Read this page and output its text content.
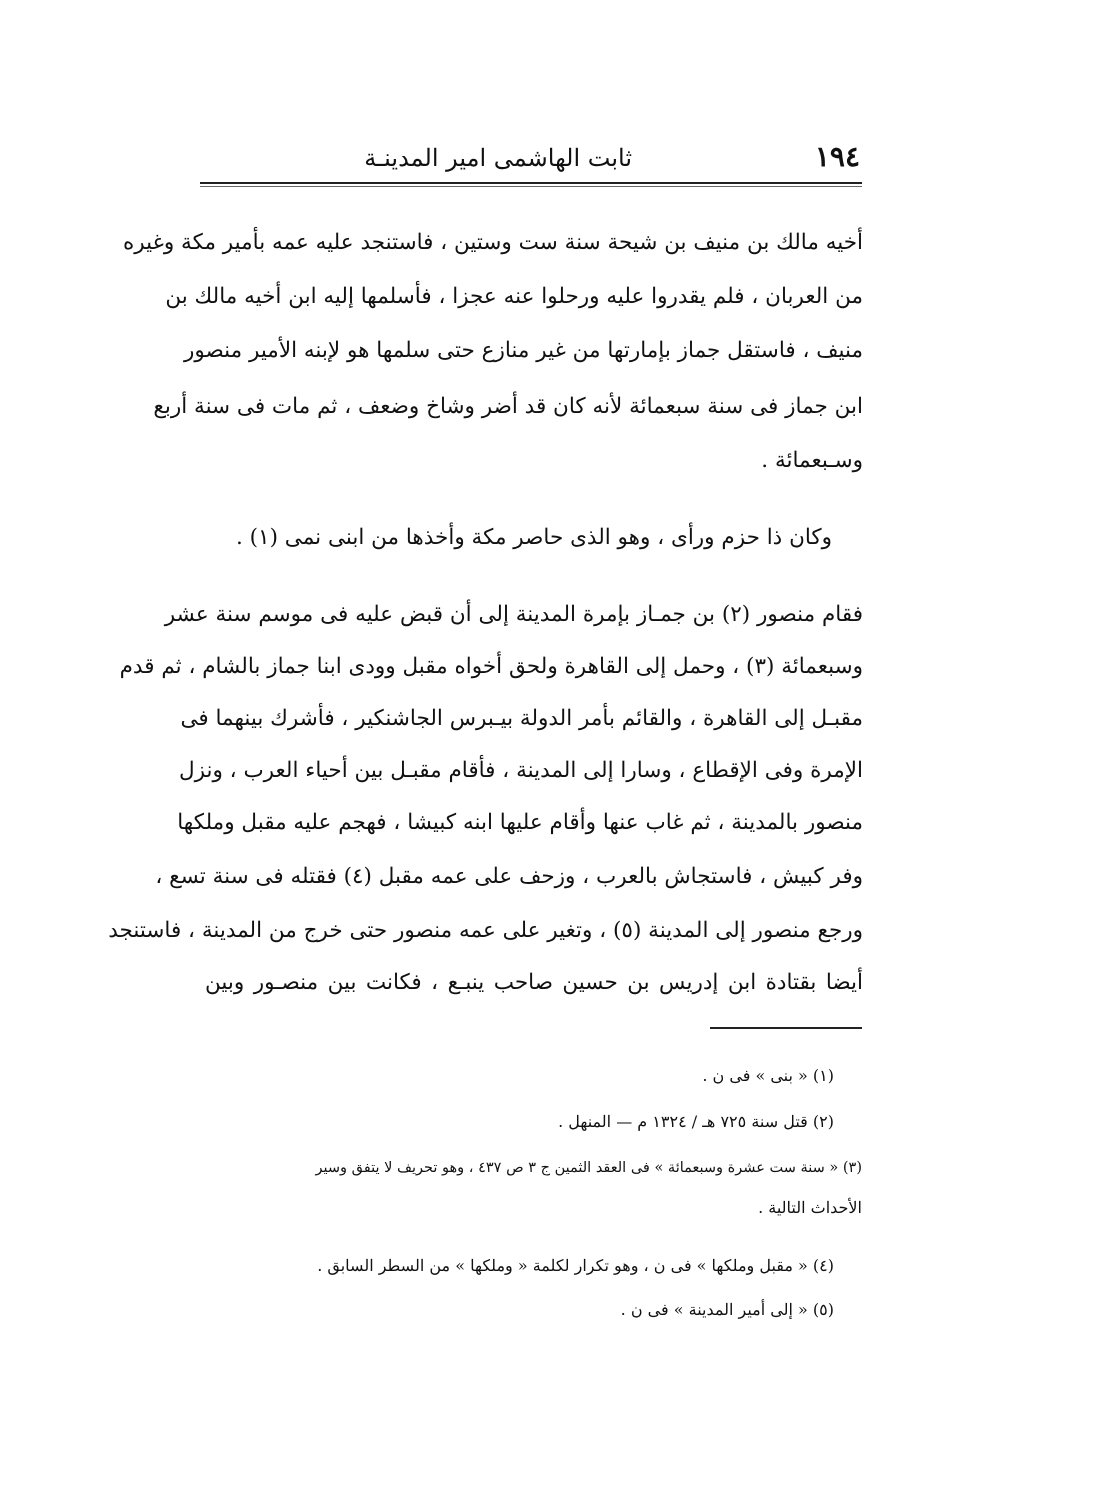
١٩٤
ثابت الهاشمى امير المدينـة
أخيه مالك بن منيف بن شيحة سنة ست وستين ، فاستنجد عليه عمه بأمير مكة وغيره
من العربان ، فلم يقدروا عليه ورحلوا عنه عجزا ، فأسلمها إليه ابن أخيه مالك بن
منيف ، فاستقل جماز بإمارتها من غير منازع حتى سلمها هو لإبنه الأمير منصور
ابن جماز فى سنة سبعمائة لأنه كان قد أضر وشاخ وضعف ، ثم مات فى سنة أربع
وسـبعمائة .
وكان ذا حزم ورأى ، وهو الذى حاصر مكة وأخذها من ابنى نمى (١) .
فقام منصور (٢) بن جمـاز بإمرة المدينة إلى أن قبض عليه فى موسم سنة عشر
وسبعمائة (٣) ، وحمل إلى القاهرة ولحق أخواه مقبل وودى ابنا جماز بالشام ، ثم قدم
مقبـل إلى القاهرة ، والقائم بأمر الدولة بيـبرس الجاشنكير ، فأشرك بينهما فى
الإمرة وفى الإقطاع ، وسارا إلى المدينة ، فأقام مقبـل بين أحياء العرب ، ونزل
منصور بالمدينة ، ثم غاب عنها وأقام عليها ابنه كبيشا ، فهجم عليه مقبل وملكها
وفر كبيش ، فاستجاش بالعرب ، وزحف على عمه مقبل (٤) فقتله فى سنة تسع ،
ورجع منصور إلى المدينة (٥) ، وتغير على عمه منصور حتى خرج من المدينة ، فاستنجد
أيضا بقتادة ابن إدريس بن حسين صاحب ينبـع ، فكانت بين منصـور وبين
(١) « بنى » فى ن .
(٢) قتل سنة ٧٢٥ هـ / ١٣٢٤ م — المنهل .
(٣) « سنة ست عشرة وسبعمائة » فى العقد الثمين ج ٣ ص ٤٣٧ ، وهو تحريف لا يتفق وسير
الأحداث التالية .
(٤) « مقبل وملكها » فى ن ، وهو تكرار لكلمة « وملكها » من السطر السابق .
(٥) « إلى أمير المدينة » فى ن .
